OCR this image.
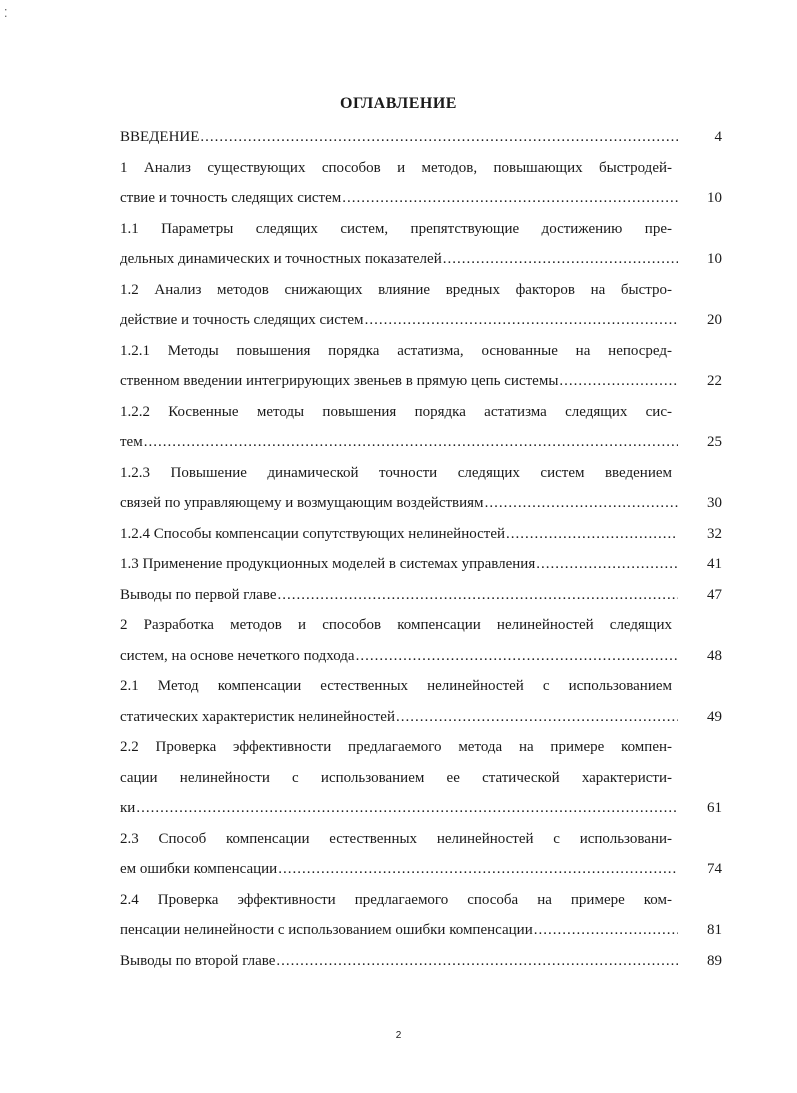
⁚
ОГЛАВЛЕНИЕ
ВВЕДЕНИЕ .....	4
1 Анализ существующих способов и методов, повышающих быстродей-
ствие и точность следящих систем .....	10
1.1 Параметры следящих систем, препятствующие достижению пре-
дельных динамических и точностных показателей .....	10
1.2 Анализ методов снижающих влияние вредных факторов на быстро-
действие и точность следящих систем .....	20
1.2.1 Методы повышения порядка астатизма, основанные на непосред-
ственном введении интегрирующих звеньев в прямую цепь системы .....	22
1.2.2 Косвенные методы повышения порядка астатизма следящих сис-
тем .....	25
1.2.3 Повышение динамической точности следящих систем введением
связей по управляющему и возмущающим воздействиям .....	30
1.2.4 Способы компенсации сопутствующих нелинейностей .....	32
1.3 Применение продукционных моделей в системах управления .....	41
Выводы по первой главе .....	47
2 Разработка методов и способов компенсации нелинейностей следящих
систем, на основе нечеткого подхода .....	48
2.1 Метод компенсации естественных нелинейностей с использованием
статических характеристик нелинейностей .....	49
2.2 Проверка эффективности предлагаемого метода на примере компен-
сации нелинейности с использованием ее статической характеристи-
ки .....	61
2.3 Способ компенсации естественных нелинейностей с использовани-
ем ошибки компенсации .....	74
2.4 Проверка эффективности предлагаемого способа на примере ком-
пенсации нелинейности с использованием ошибки компенсации .....	81
Выводы по второй главе .....	89
2
